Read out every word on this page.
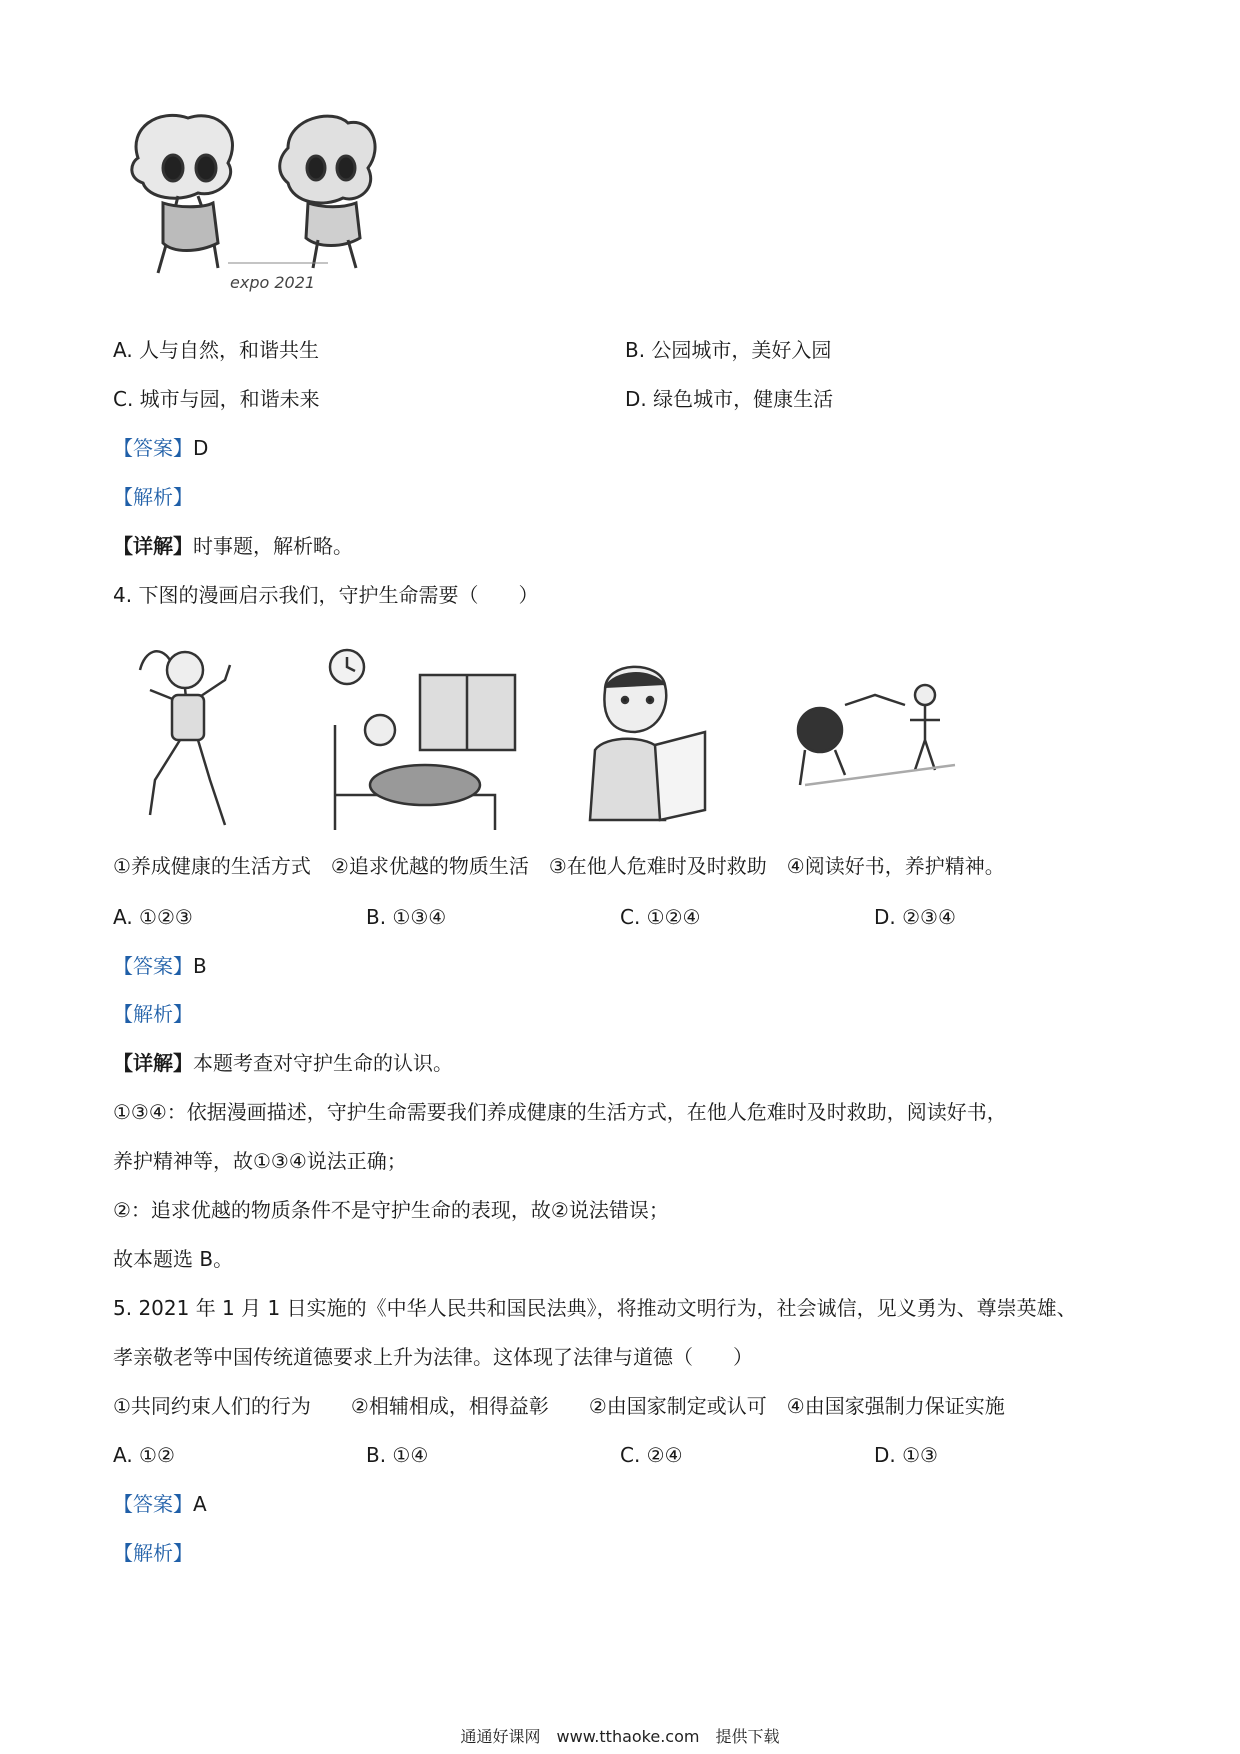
expo 2021
A. 人与自然，和谐共生	B. 公园城市，美好入园
C. 城市与园，和谐未来	D. 绿色城市，健康生活
【答案】D
【解析】
【详解】时事题，解析略。
4. 下图的漫画启示我们，守护生命需要（　　）
①养成健康的生活方式　②追求优越的物质生活　③在他人危难时及时救助　④阅读好书，养护精神。
A. ①②③	B. ①③④	C. ①②④	D. ②③④
【答案】B
【解析】
【详解】本题考查对守护生命的认识。
①③④：依据漫画描述，守护生命需要我们养成健康的生活方式，在他人危难时及时救助，阅读好书，
养护精神等，故①③④说法正确；
②：追求优越的物质条件不是守护生命的表现，故②说法错误；
故本题选 B。
5. 2021 年 1 月 1 日实施的《中华人民共和国民法典》，将推动文明行为，社会诚信，见义勇为、尊崇英雄、
孝亲敬老等中国传统道德要求上升为法律。这体现了法律与道德（　　）
①共同约束人们的行为　　②相辅相成，相得益彰　　②由国家制定或认可　④由国家强制力保证实施
A. ①②	B. ①④	C. ②④	D. ①③
【答案】A
【解析】
通通好课网　www.tthaoke.com　提供下载
